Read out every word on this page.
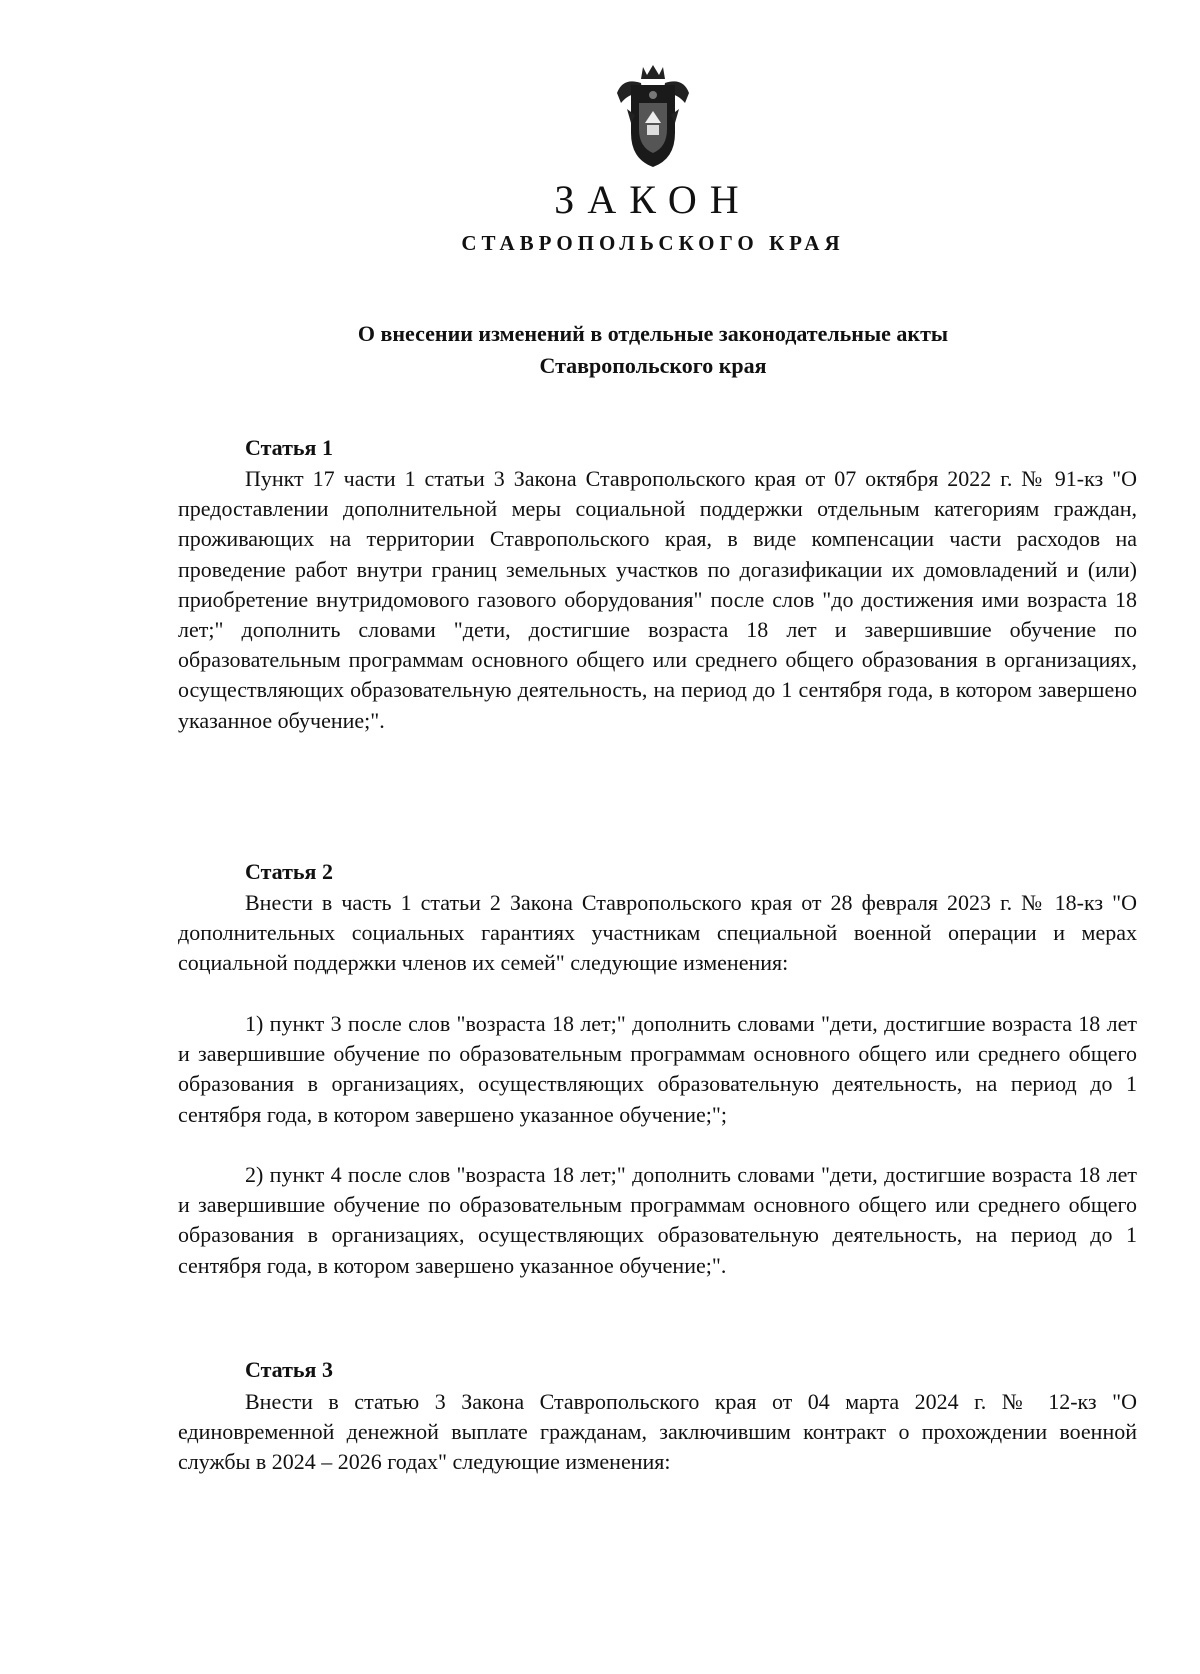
ЗАКОН
СТАВРОПОЛЬСКОГО КРАЯ
О внесении изменений в отдельные законодательные акты
Ставропольского края
Статья 1

Пункт 17 части 1 статьи 3 Закона Ставропольского края от 07 октября 2022 г. № 91-кз "О предоставлении дополнительной меры социальной поддержки отдельным категориям граждан, проживающих на территории Ставропольского края, в виде компенсации части расходов на проведение работ внутри границ земельных участков по догазификации их домовладений и (или) приобретение внутридомового газового оборудования" после слов "до достижения ими возраста 18 лет;" дополнить словами "дети, достигшие возраста 18 лет и завершившие обучение по образовательным программам основного общего или среднего общего образования в организациях, осуществляющих образовательную деятельность, на период до 1 сентября года, в котором завершено указанное обучение;".

Статья 2

Внести в часть 1 статьи 2 Закона Ставропольского края от 28 февраля 2023 г. № 18-кз "О дополнительных социальных гарантиях участникам специальной военной операции и мерах социальной поддержки членов их семей" следующие изменения:

1) пункт 3 после слов "возраста 18 лет;" дополнить словами "дети, достигшие возраста 18 лет и завершившие обучение по образовательным программам основного общего или среднего общего образования в организациях, осуществляющих образовательную деятельность, на период до 1 сентября года, в котором завершено указанное обучение;";

2) пункт 4 после слов "возраста 18 лет;" дополнить словами "дети, достигшие возраста 18 лет и завершившие обучение по образовательным программам основного общего или среднего общего образования в организациях, осуществляющих образовательную деятельность, на период до 1 сентября года, в котором завершено указанное обучение;".

Статья 3

Внести в статью 3 Закона Ставропольского края от 04 марта 2024 г. № 12-кз "О единовременной денежной выплате гражданам, заключившим контракт о прохождении военной службы в 2024 – 2026 годах" следующие изменения:
